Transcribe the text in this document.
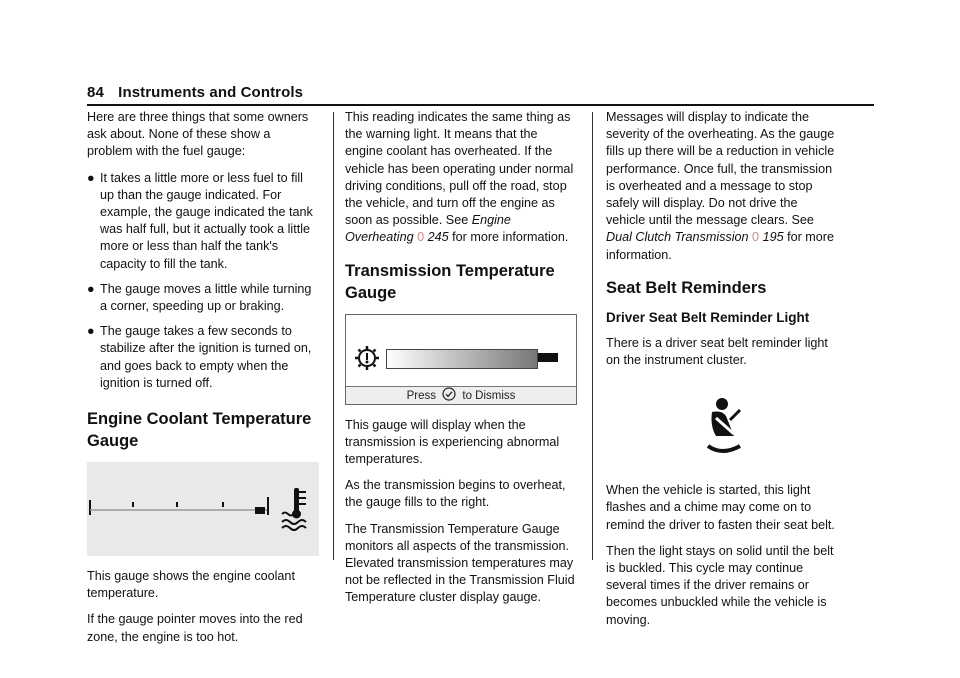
84 Instruments and Controls

Here are three things that some owners ask about. None of these show a problem with the fuel gauge:

● It takes a little more or less fuel to fill up than the gauge indicated. For example, the gauge indicated the tank was half full, but it actually took a little more or less than half the tank's capacity to fill the tank.
● The gauge moves a little while turning a corner, speeding up or braking.
● The gauge takes a few seconds to stabilize after the ignition is turned on, and goes back to empty when the ignition is turned off.
Engine Coolant Temperature Gauge

This gauge shows the engine coolant temperature.

If the gauge pointer moves into the red zone, the engine is too hot.

This reading indicates the same thing as the warning light. It means that the engine coolant has overheated. If the vehicle has been operating under normal driving conditions, pull off the road, stop the vehicle, and turn off the engine as soon as possible. See Engine Overheating 0 245 for more information.

Transmission Temperature Gauge
Press to Dismiss

This gauge will display when the transmission is experiencing abnormal temperatures.

As the transmission begins to overheat, the gauge fills to the right.

The Transmission Temperature Gauge monitors all aspects of the transmission. Elevated transmission temperatures may not be reflected in the Transmission Fluid Temperature cluster display gauge.

Messages will display to indicate the severity of the overheating. As the gauge fills up there will be a reduction in vehicle performance. Once full, the transmission is overheated and a message to stop safely will display. Do not drive the vehicle until the message clears. See Dual Clutch Transmission 0 195 for more information.

Seat Belt Reminders
Driver Seat Belt Reminder Light

There is a driver seat belt reminder light on the instrument cluster.

When the vehicle is started, this light flashes and a chime may come on to remind the driver to fasten their seat belt.

Then the light stays on solid until the belt is buckled. This cycle may continue several times if the driver remains or becomes unbuckled while the vehicle is moving.
